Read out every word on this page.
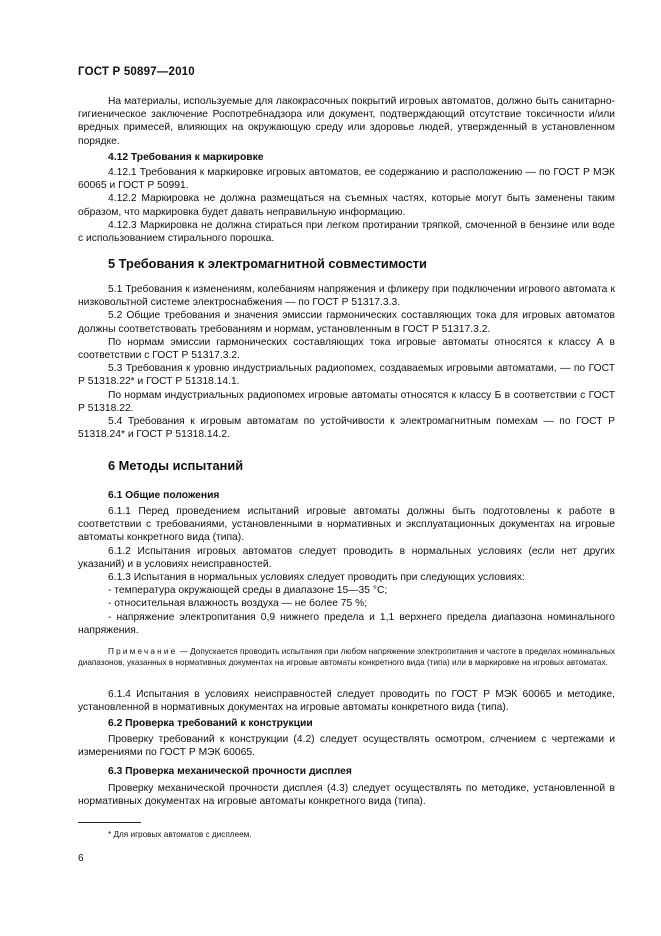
ГОСТ Р 50897—2010

На материалы, используемые для лакокрасочных покрытий игровых автоматов, должно быть санитарно-гигиеническое заключение Роспотребнадзора или документ, подтверждающий отсутствие токсичности и/или вредных примесей, влияющих на окружающую среду или здоровье людей, утвержденный в установленном порядке.

4.12 Требования к маркировке

4.12.1 Требования к маркировке игровых автоматов, ее содержанию и расположению — по ГОСТ Р МЭК 60065 и ГОСТ Р 50991.

4.12.2 Маркировка не должна размещаться на съемных частях, которые могут быть заменены таким образом, что маркировка будет давать неправильную информацию.

4.12.3 Маркировка не должна стираться при легком протирании тряпкой, смоченной в бензине или воде с использованием стирального порошка.

5 Требования к электромагнитной совместимости

5.1 Требования к изменениям, колебаниям напряжения и фликеру при подключении игрового автомата к низковольтной системе электроснабжения — по ГОСТ Р 51317.3.3.

5.2 Общие требования и значения эмиссии гармонических составляющих тока для игровых автоматов должны соответствовать требованиям и нормам, установленным в ГОСТ Р 51317.3.2.

По нормам эмиссии гармонических составляющих тока игровые автоматы относятся к классу А в соответствии с ГОСТ Р 51317.3.2.

5.3 Требования к уровню индустриальных радиопомех, создаваемых игровыми автоматами, — по ГОСТ Р 51318.22* и ГОСТ Р 51318.14.1.

По нормам индустриальных радиопомех игровые автоматы относятся к классу Б в соответствии с ГОСТ Р 51318.22.

5.4 Требования к игровым автоматам по устойчивости к электромагнитным помехам — по ГОСТ Р 51318.24* и ГОСТ Р 51318.14.2.

6 Методы испытаний
6.1 Общие положения

6.1.1 Перед проведением испытаний игровые автоматы должны быть подготовлены к работе в соответствии с требованиями, установленными в нормативных и эксплуатационных документах на игровые автоматы конкретного вида (типа).

6.1.2 Испытания игровых автоматов следует проводить в нормальных условиях (если нет других указаний) и в условиях неисправностей.

6.1.3 Испытания в нормальных условиях следует проводить при следующих условиях:

- температура окружающей среды в диапазоне 15—35 °С;

- относительная влажность воздуха — не более 75 %;

- напряжение электропитания 0,9 нижнего предела и 1,1 верхнего предела диапазона номинального напряжения.

Примечание — Допускается проводить испытания при любом напряжении электропитания и частоте в пределах номинальных диапазонов, указанных в нормативных документах на игровые автоматы конкретного вида (типа) или в маркировке на игровых автоматах.

6.1.4 Испытания в условиях неисправностей следует проводить по ГОСТ Р МЭК 60065 и методике, установленной в нормативных документах на игровые автоматы конкретного вида (типа).

6.2 Проверка требований к конструкции

Проверку требований к конструкции (4.2) следует осуществлять осмотром, слчением с чертежами и измерениями по ГОСТ Р МЭК 60065.

6.3 Проверка механической прочности дисплея

Проверку механической прочности дисплея (4.3) следует осуществлять по методике, установленной в нормативных документах на игровые автоматы конкретного вида (типа).

* Для игровых автоматов с дисплеем.
6
